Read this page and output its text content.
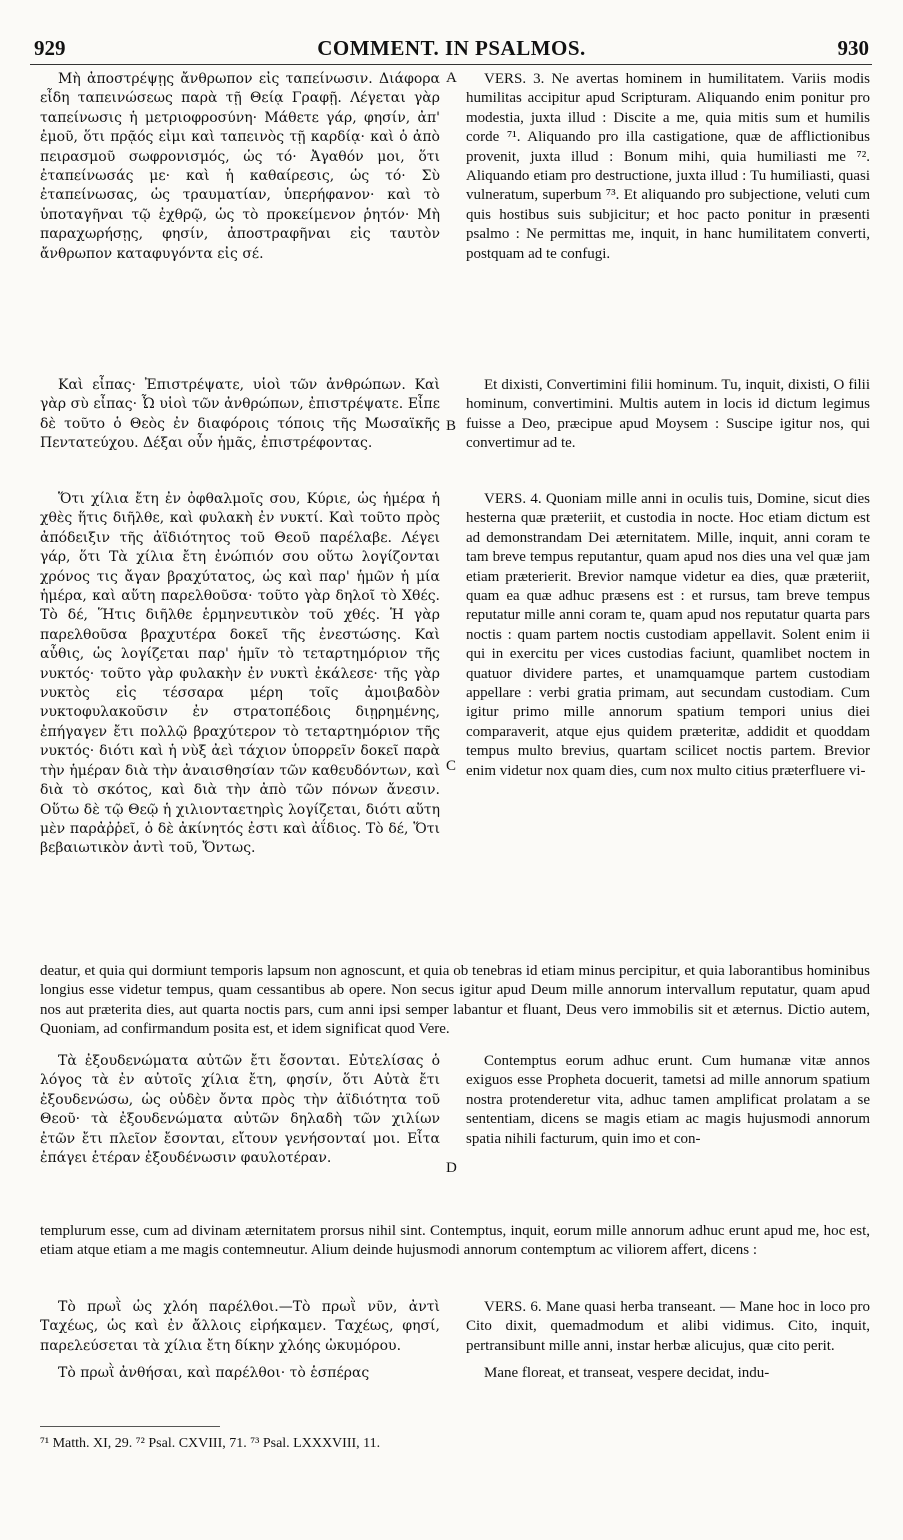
929	COMMENT. IN PSALMOS.	930
A
B
C
D

Μὴ ἀποστρέψῃς ἄνθρωπον εἰς ταπείνωσιν. Διάφορα εἶδη ταπεινώσεως παρὰ τῇ Θείᾳ Γραφῇ. Λέγεται γὰρ ταπείνωσις ἡ μετριοφροσύνη· Μάθετε γάρ, φησίν, ἀπ' ἐμοῦ, ὅτι πρᾷός εἰμι καὶ ταπεινὸς τῇ καρδίᾳ· καὶ ὁ ἀπὸ πειρασμοῦ σωφρονισμός, ὡς τό· Ἀγαθόν μοι, ὅτι ἐταπείνωσάς με· καὶ ἡ καθαίρεσις, ὡς τό· Σὺ ἐταπείνωσας, ὡς τραυματίαν, ὑπερήφανον· καὶ τὸ ὑποταγῆναι τῷ ἐχθρῷ, ὡς τὸ προκείμενον ῥητόν· Μὴ παραχωρήσῃς, φησίν, ἀποστραφῆναι εἰς ταυτὸν ἄνθρωπον καταφυγόντα εἰς σέ.

VERS. 3. Ne avertas hominem in humilitatem. Variis modis humilitas accipitur apud Scripturam. Aliquando enim ponitur pro modestia, juxta illud : Discite a me, quia mitis sum et humilis corde ⁷¹. Aliquando pro illa castigatione, quæ de afflictionibus provenit, juxta illud : Bonum mihi, quia humiliasti me ⁷². Aliquando etiam pro destructione, juxta illud : Tu humiliasti, quasi vulneratum, superbum ⁷³. Et aliquando pro subjectione, veluti cum quis hostibus suis subjicitur; et hoc pacto ponitur in præsenti psalmo : Ne permittas me, inquit, in hanc humilitatem converti, postquam ad te confugi.

Καὶ εἶπας· Ἐπιστρέψατε, υἱοὶ τῶν ἀνθρώπων. Καὶ γὰρ σὺ εἶπας· Ὦ υἱοὶ τῶν ἀνθρώπων, ἐπιστρέψατε. Εἶπε δὲ τοῦτο ὁ Θεὸς ἐν διαφόροις τόποις τῆς Μωσαϊκῆς Πεντατεύχου. Δέξαι οὖν ἡμᾶς, ἐπιστρέφοντας.

Et dixisti, Convertimini filii hominum. Tu, inquit, dixisti, O filii hominum, convertimini. Multis autem in locis id dictum legimus fuisse a Deo, præcipue apud Moysem : Suscipe igitur nos, qui convertimur ad te.

Ὅτι χίλια ἔτη ἐν ὀφθαλμοῖς σου, Κύριε, ὡς ἡμέρα ἡ χθὲς ἥτις διῆλθε, καὶ φυλακὴ ἐν νυκτί. Καὶ τοῦτο πρὸς ἀπόδειξιν τῆς ἀϊδιότητος τοῦ Θεοῦ παρέλαβε. Λέγει γάρ, ὅτι Τὰ χίλια ἔτη ἐνώπιόν σου οὕτω λογίζονται χρόνος τις ἄγαν βραχύτατος, ὡς καὶ παρ' ἡμῶν ἡ μία ἡμέρα, καὶ αὕτη παρελθοῦσα· τοῦτο γὰρ δηλοῖ τὸ Χθές. Τὸ δέ, Ἥτις διῆλθε ἑρμηνευτικὸν τοῦ χθές. Ἡ γὰρ παρελθοῦσα βραχυτέρα δοκεῖ τῆς ἐνεστώσης. Καὶ αὖθις, ὡς λογίζεται παρ' ἡμῖν τὸ τεταρτημόριον τῆς νυκτός· τοῦτο γὰρ φυλακὴν ἐν νυκτὶ ἐκάλεσε· τῆς γὰρ νυκτὸς εἰς τέσσαρα μέρη τοῖς ἀμοιβαδὸν νυκτοφυλακοῦσιν ἐν στρατοπέδοις διῃρημένης, ἐπήγαγεν ἔτι πολλῷ βραχύτερον τὸ τεταρτημόριον τῆς νυκτός· διότι καὶ ἡ νὺξ ἀεὶ τάχιον ὑπορρεῖν δοκεῖ παρὰ τὴν ἡμέραν διὰ τὴν ἀναισθησίαν τῶν καθευδόντων, καὶ διὰ τὸ σκότος, καὶ διὰ τὴν ἀπὸ τῶν πόνων ἄνεσιν. Οὕτω δὲ τῷ Θεῷ ἡ χιλιονταετηρὶς λογίζεται, διότι αὕτη μὲν παρἀῤῥεῖ, ὁ δὲ ἀκίνητός ἐστι καὶ ἀΐδιος. Τὸ δέ, Ὅτι βεβαιωτικὸν ἀντὶ τοῦ, Ὄντως.

VERS. 4. Quoniam mille anni in oculis tuis, Domine, sicut dies hesterna quæ præteriit, et custodia in nocte. Hoc etiam dictum est ad demonstrandam Dei æternitatem. Mille, inquit, anni coram te tam breve tempus reputantur, quam apud nos dies una vel quæ jam etiam præterierit. Brevior namque videtur ea dies, quæ præteriit, quam ea quæ adhuc præsens est : et rursus, tam breve tempus reputatur mille anni coram te, quam apud nos reputatur quarta pars noctis : quam partem noctis custodiam appellavit. Solent enim ii qui in exercitu per vices custodias faciunt, quamlibet noctem in quatuor dividere partes, et unamquamque partem custodiam appellare : verbi gratia primam, aut secundam custodiam. Cum igitur primo mille annorum spatium tempori unius diei comparaverit, atque ejus quidem præteritæ, addidit et quoddam tempus multo brevius, quartam scilicet noctis partem. Brevior enim videtur nox quam dies, cum nox multo citius præterfluere vi-

deatur, et quia qui dormiunt temporis lapsum non agnoscunt, et quia ob tenebras id etiam minus percipitur, et quia laborantibus hominibus longius esse videtur tempus, quam cessantibus ab opere. Non secus igitur apud Deum mille annorum intervallum reputatur, quam apud nos aut præterita dies, aut quarta noctis pars, cum anni ipsi semper labantur et fluant, Deus vero immobilis sit et æternus. Dictio autem, Quoniam, ad confirmandum posita est, et idem significat quod Vere.

Τὰ ἐξουδενώματα αὐτῶν ἔτι ἔσονται. Εὐτελίσας ὁ λόγος τὰ ἐν αὐτοῖς χίλια ἔτη, φησίν, ὅτι Αὐτὰ ἔτι ἐξουδενώσω, ὡς οὐδὲν ὄντα πρὸς τὴν ἀϊδιότητα τοῦ Θεοῦ· τὰ ἐξουδενώματα αὐτῶν δηλαδὴ τῶν χιλίων ἐτῶν ἔτι πλεῖον ἔσονται, εἴτουν γενήσονταί μοι. Εἶτα ἐπάγει ἑτέραν ἐξουδένωσιν φαυλοτέραν.

Contemptus eorum adhuc erunt. Cum humanæ vitæ annos exiguos esse Propheta docuerit, tametsi ad mille annorum spatium nostra protenderetur vita, adhuc tamen amplificat prolatam a se sententiam, dicens se magis etiam ac magis hujusmodi annorum spatia nihili facturum, quin imo et con-

templurum esse, cum ad divinam æternitatem prorsus nihil sint. Contemptus, inquit, eorum mille annorum adhuc erunt apud me, hoc est, etiam atque etiam a me magis contemneutur. Alium deinde hujusmodi annorum contemptum ac viliorem affert, dicens :

Τὸ πρωῒ ὡς χλόη παρέλθοι.—Τὸ πρωῒ νῦν, ἀντὶ Ταχέως, ὡς καὶ ἐν ἄλλοις εἰρήκαμεν. Ταχέως, φησί, παρελεύσεται τὰ χίλια ἔτη δίκην χλόης ὠκυμόρου.

Τὸ πρωῒ ἀνθήσαι, καὶ παρέλθοι· τὸ ἑσπέρας

VERS. 6. Mane quasi herba transeant. — Mane hoc in loco pro Cito dixit, quemadmodum et alibi vidimus. Cito, inquit, pertransibunt mille anni, instar herbæ alicujus, quæ cito perit.

Mane floreat, et transeat, vespere decidat, indu-

⁷¹ Matth. XI, 29. ⁷² Psal. CXVIII, 71. ⁷³ Psal. LXXXVIII, 11.
